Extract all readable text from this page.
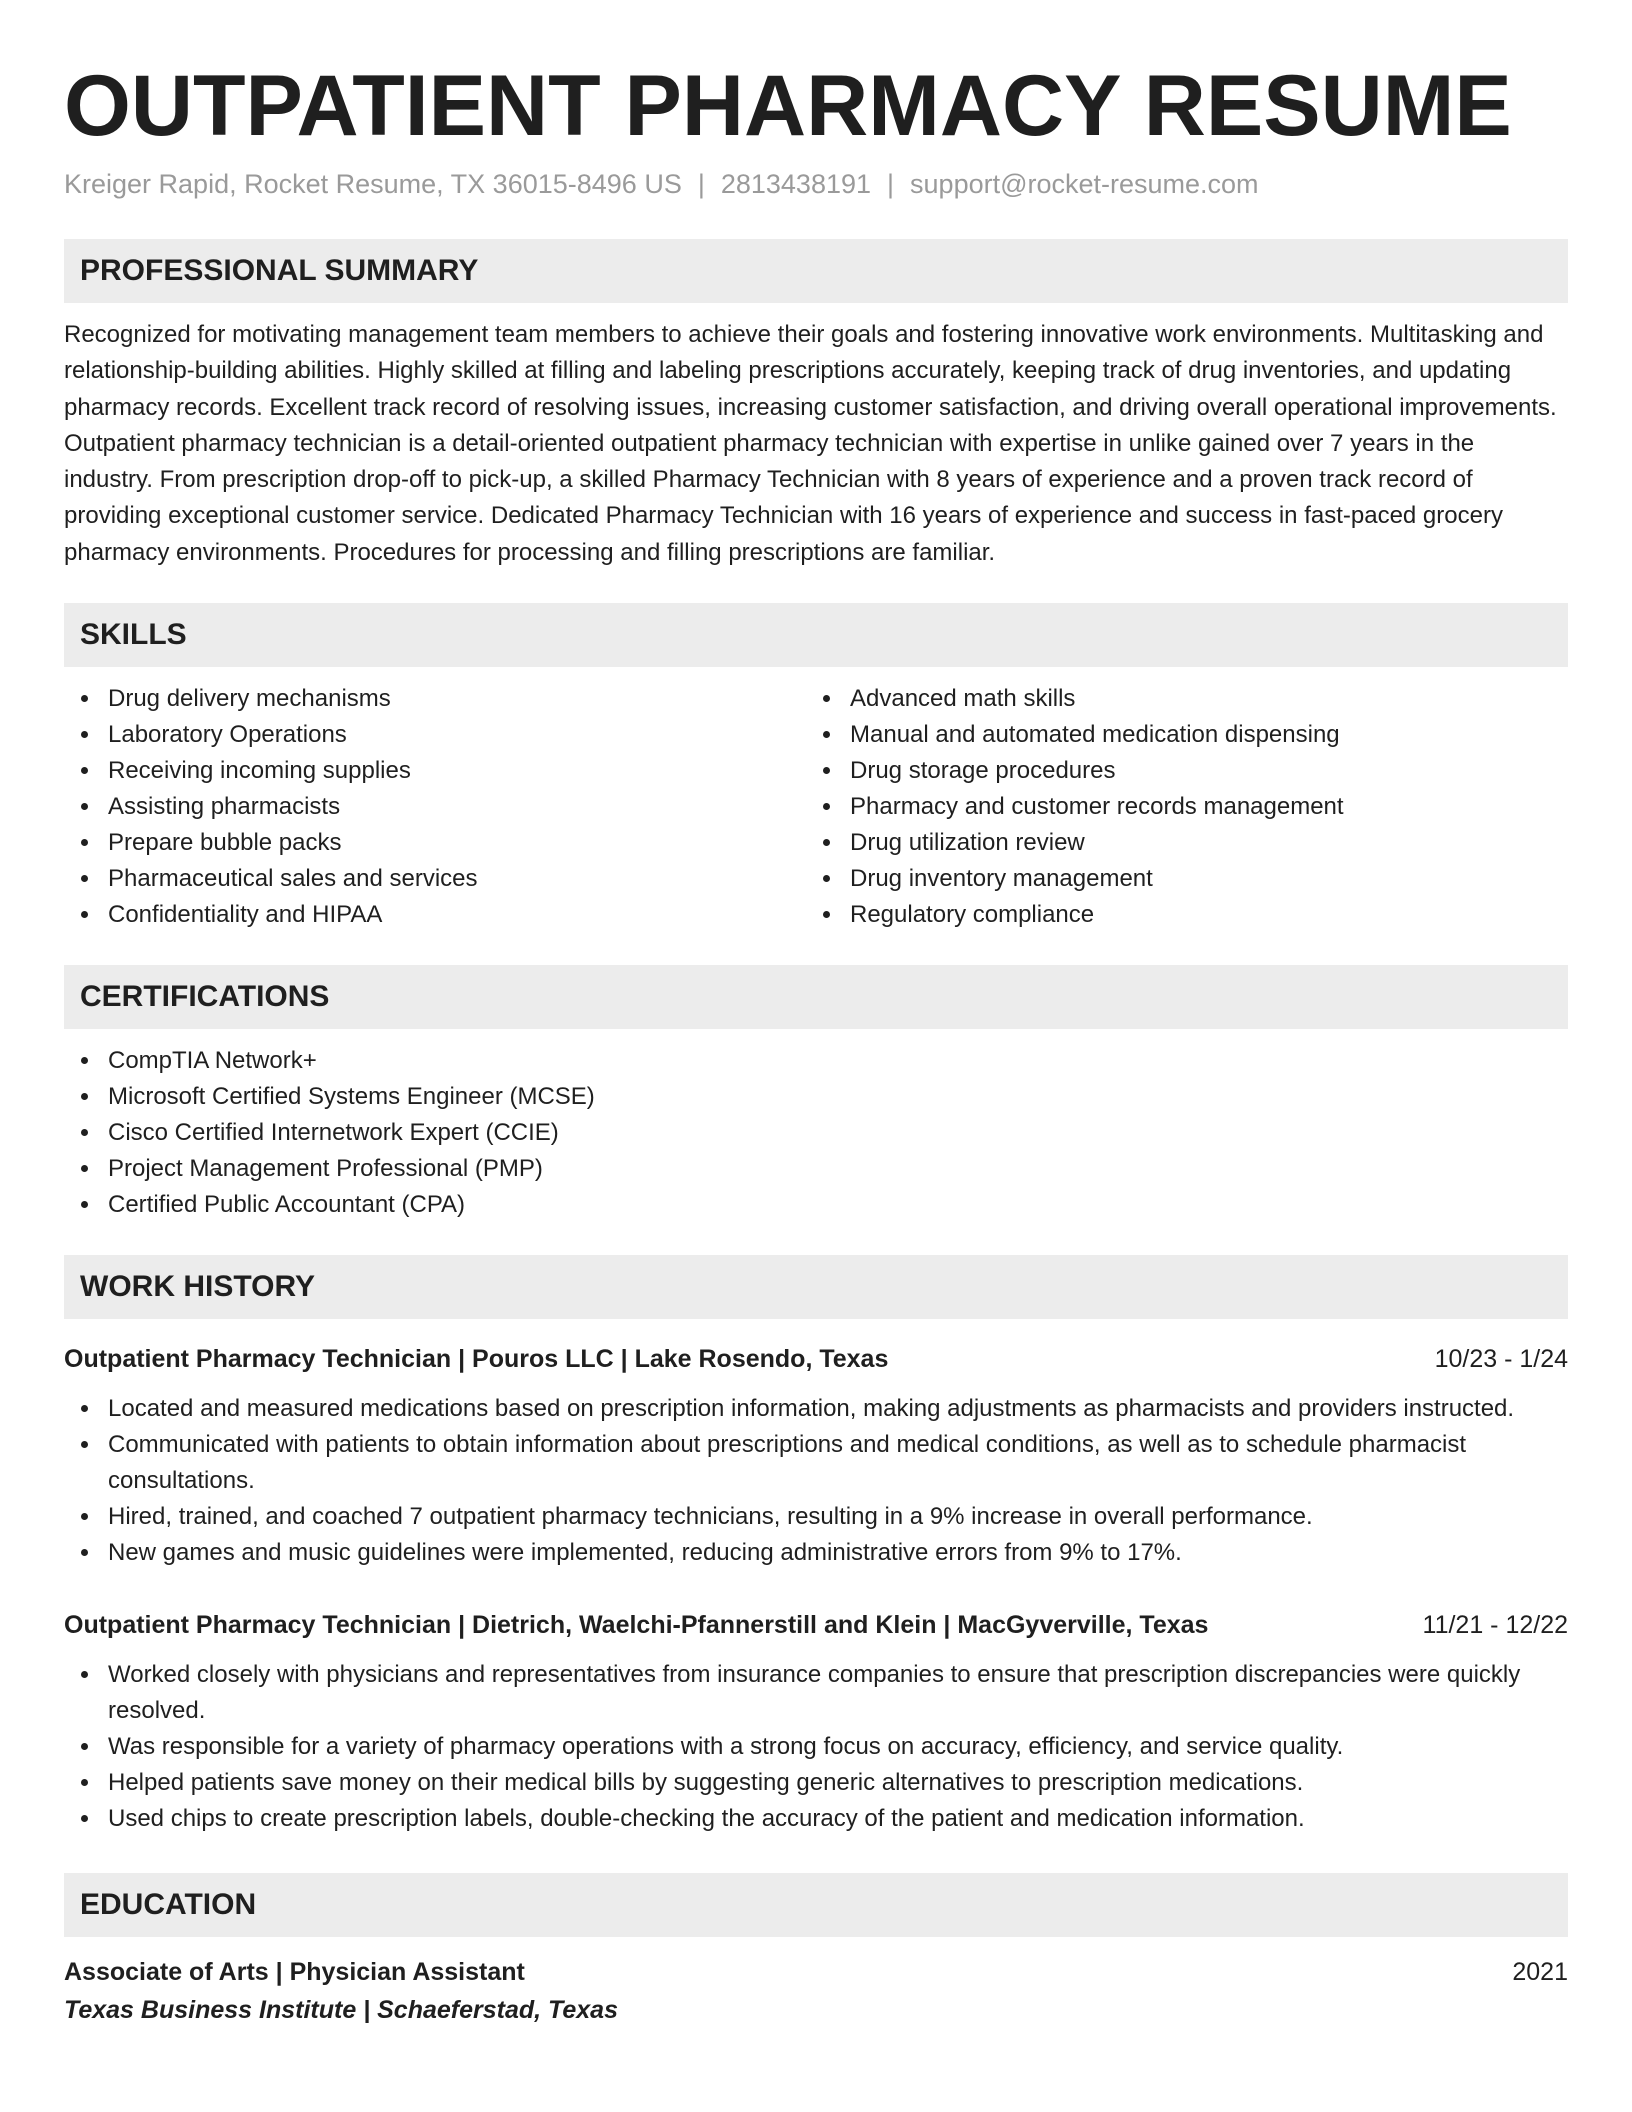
OUTPATIENT PHARMACY RESUME
Kreiger Rapid, Rocket Resume, TX 36015-8496 US | 2813438191 | support@rocket-resume.com
PROFESSIONAL SUMMARY
Recognized for motivating management team members to achieve their goals and fostering innovative work environments. Multitasking and relationship-building abilities. Highly skilled at filling and labeling prescriptions accurately, keeping track of drug inventories, and updating pharmacy records. Excellent track record of resolving issues, increasing customer satisfaction, and driving overall operational improvements. Outpatient pharmacy technician is a detail-oriented outpatient pharmacy technician with expertise in unlike gained over 7 years in the industry. From prescription drop-off to pick-up, a skilled Pharmacy Technician with 8 years of experience and a proven track record of providing exceptional customer service. Dedicated Pharmacy Technician with 16 years of experience and success in fast-paced grocery pharmacy environments. Procedures for processing and filling prescriptions are familiar.
SKILLS
Drug delivery mechanisms
Laboratory Operations
Receiving incoming supplies
Assisting pharmacists
Prepare bubble packs
Pharmaceutical sales and services
Confidentiality and HIPAA
Advanced math skills
Manual and automated medication dispensing
Drug storage procedures
Pharmacy and customer records management
Drug utilization review
Drug inventory management
Regulatory compliance
CERTIFICATIONS
CompTIA Network+
Microsoft Certified Systems Engineer (MCSE)
Cisco Certified Internetwork Expert (CCIE)
Project Management Professional (PMP)
Certified Public Accountant (CPA)
WORK HISTORY
Outpatient Pharmacy Technician | Pouros LLC | Lake Rosendo, Texas	10/23 - 1/24
Located and measured medications based on prescription information, making adjustments as pharmacists and providers instructed.
Communicated with patients to obtain information about prescriptions and medical conditions, as well as to schedule pharmacist consultations.
Hired, trained, and coached 7 outpatient pharmacy technicians, resulting in a 9% increase in overall performance.
New games and music guidelines were implemented, reducing administrative errors from 9% to 17%.
Outpatient Pharmacy Technician | Dietrich, Waelchi-Pfannerstill and Klein | MacGyverville, Texas	11/21 - 12/22
Worked closely with physicians and representatives from insurance companies to ensure that prescription discrepancies were quickly resolved.
Was responsible for a variety of pharmacy operations with a strong focus on accuracy, efficiency, and service quality.
Helped patients save money on their medical bills by suggesting generic alternatives to prescription medications.
Used chips to create prescription labels, double-checking the accuracy of the patient and medication information.
EDUCATION
Associate of Arts | Physician Assistant	2021
Texas Business Institute | Schaeferstad, Texas
